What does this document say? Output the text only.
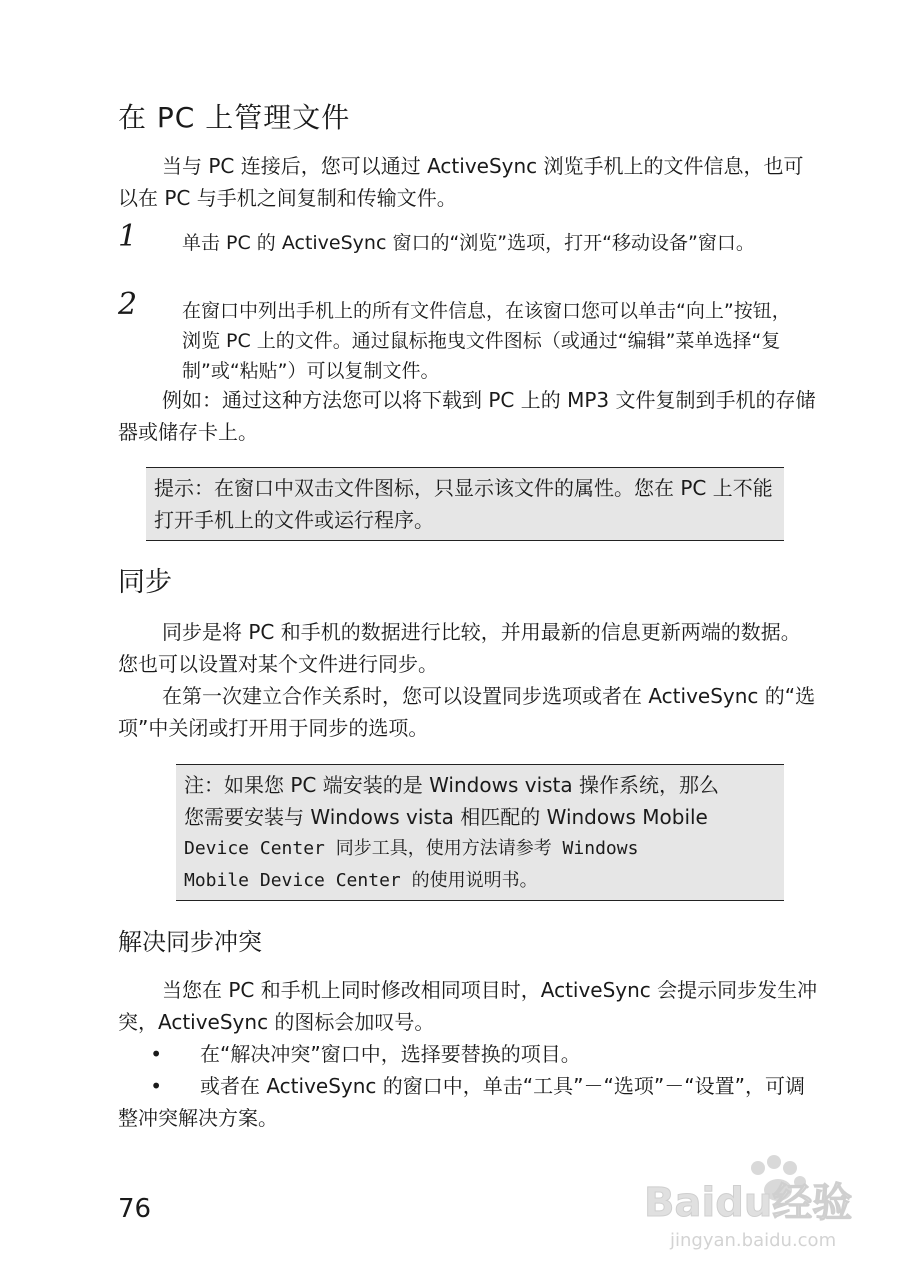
在 PC 上管理文件

当与 PC 连接后，您可以通过 ActiveSync 浏览手机上的文件信息，也可以在 PC 与手机之间复制和传输文件。

1 单击 PC 的 ActiveSync 窗口的“浏览”选项，打开“移动设备”窗口。
2 在窗口中列出手机上的所有文件信息，在该窗口您可以单击“向上”按钮，浏览 PC 上的文件。通过鼠标拖曳文件图标（或通过“编辑”菜单选择“复制”或“粘贴”）可以复制文件。

例如：通过这种方法您可以将下载到 PC 上的 MP3 文件复制到手机的存储器或储存卡上。

提示：在窗口中双击文件图标，只显示该文件的属性。您在 PC 上不能打开手机上的文件或运行程序。
同步

同步是将 PC 和手机的数据进行比较，并用最新的信息更新两端的数据。您也可以设置对某个文件进行同步。

在第一次建立合作关系时，您可以设置同步选项或者在 ActiveSync 的“选项”中关闭或打开用于同步的选项。

注：如果您 PC 端安装的是 Windows vista 操作系统，那么
您需要安装与 Windows vista 相匹配的 Windows Mobile
Device Center 同步工具，使用方法请参考 Windows
Mobile Device Center 的使用说明书。
解决同步冲突

当您在 PC 和手机上同时修改相同项目时，ActiveSync 会提示同步发生冲突，ActiveSync 的图标会加叹号。

• 在“解决冲突”窗口中，选择要替换的项目。
• 或者在 ActiveSync 的窗口中，单击“工具”－“选项”－“设置”，可调整冲突解决方案。
76	Baidu经验
jingyan.baidu.com
